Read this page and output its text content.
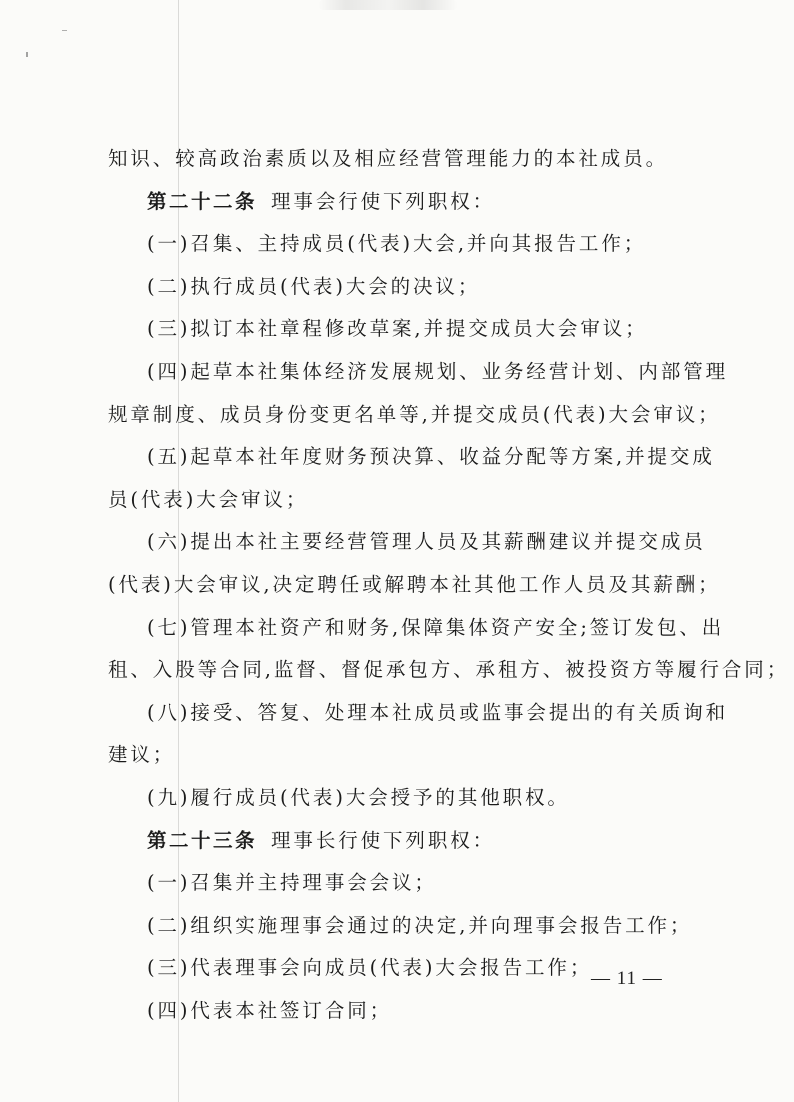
知识、较高政治素质以及相应经营管理能力的本社成员。
第二十二条 理事会行使下列职权：
(一)召集、主持成员(代表)大会,并向其报告工作；
(二)执行成员(代表)大会的决议；
(三)拟订本社章程修改草案,并提交成员大会审议；
(四)起草本社集体经济发展规划、业务经营计划、内部管理
规章制度、成员身份变更名单等,并提交成员(代表)大会审议；
(五)起草本社年度财务预决算、收益分配等方案,并提交成
员(代表)大会审议；
(六)提出本社主要经营管理人员及其薪酬建议并提交成员
(代表)大会审议,决定聘任或解聘本社其他工作人员及其薪酬；
(七)管理本社资产和财务,保障集体资产安全;签订发包、出
租、入股等合同,监督、督促承包方、承租方、被投资方等履行合同；
(八)接受、答复、处理本社成员或监事会提出的有关质询和
建议；
(九)履行成员(代表)大会授予的其他职权。
第二十三条 理事长行使下列职权：
(一)召集并主持理事会会议；
(二)组织实施理事会通过的决定,并向理事会报告工作；
(三)代表理事会向成员(代表)大会报告工作；
(四)代表本社签订合同；
— 11 —
